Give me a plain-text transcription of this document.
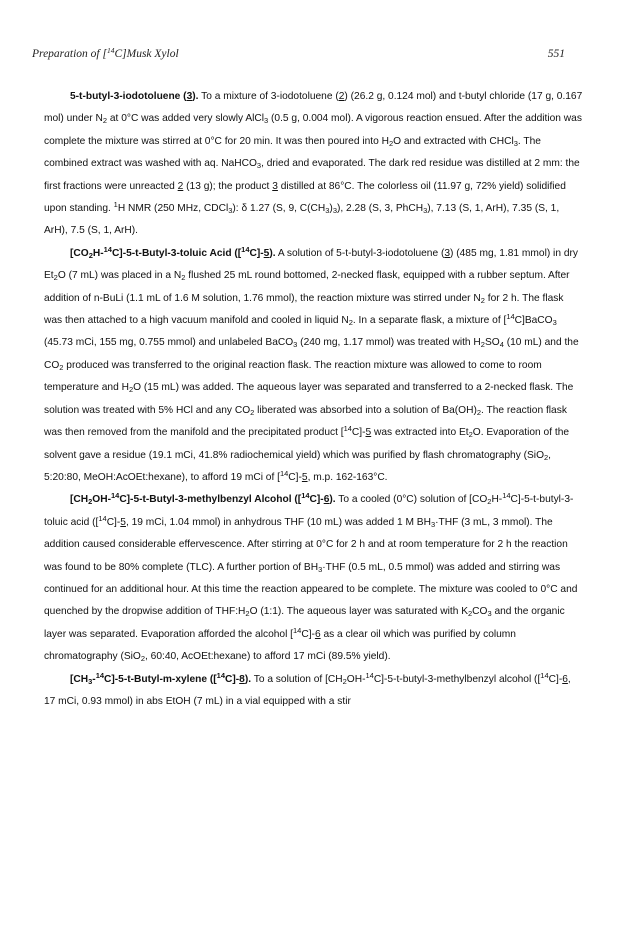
Preparation of [$^{14}$C]Musk Xylol	551

5-t-butyl-3-iodotoluene (3). To a mixture of 3-iodotoluene (2) (26.2 g, 0.124 mol) and t-butyl chloride (17 g, 0.167 mol) under $N_2$ at 0°C was added very slowly AlCl$_3$ (0.5 g, 0.004 mol). A vigorous reaction ensued. After the addition was complete the mixture was stirred at 0°C for 20 min. It was then poured into $H_2O$ and extracted with CHCl$_3$. The combined extract was washed with aq. NaHCO$_3$, dried and evaporated. The dark red residue was distilled at 2 mm: the first fractions were unreacted 2 (13 g); the product 3 distilled at 86°C. The colorless oil (11.97 g, 72% yield) solidified upon standing. $^1$H NMR (250 MHz, CDCl$_3$): δ 1.27 (S, 9, $C(CH_3)_3$), 2.28 (S, 3, PhCH$_3$), 7.13 (S, 1, ArH), 7.35 (S, 1, ArH), 7.5 (S, 1, ArH).

$[CO_2H-^{14}C]-5-t-Butyl-3$-toluic Acid ([$^{14}$C]-5). A solution of 5-t-butyl-3-iodotoluene (3) (485 mg, 1.81 mmol) in dry $Et_2O$ (7 mL) was placed in a $N_2$ flushed 25 mL round bottomed, 2-necked flask, equipped with a rubber septum. After addition of n-BuLi (1.1 mL of 1.6 M solution, 1.76 mmol), the reaction mixture was stirred under $N_2$ for 2 h. The flask was then attached to a high vacuum manifold and cooled in liquid $N_2$. In a separate flask, a mixture of [$^{14}$C]BaCO$_3$ (45.73 mCi, 155 mg, 0.755 mmol) and unlabeled BaCO$_3$ (240 mg, 1.17 mmol) was treated with $H_2SO_4$ (10 mL) and the $CO_2$ produced was transferred to the original reaction flask. The reaction mixture was allowed to come to room temperature and $H_2O$ (15 mL) was added. The aqueous layer was separated and transferred to a 2-necked flask. The solution was treated with 5% HCl and any $CO_2$ liberated was absorbed into a solution of $Ba(OH)_2$. The reaction flask was then removed from the manifold and the precipitated product [$^{14}$C]-5 was extracted into $Et_2O$. Evaporation of the solvent gave a residue (19.1 mCi, 41.8% radiochemical yield) which was purified by flash chromatography (SiO$_2$, 5:20:80, MeOH:AcOEt:hexane), to afford 19 mCi of [$^{14}$C]-5, m.p. 162-163°C.

$[CH_2OH-^{14}C]-5-t-Butyl-3$-methylbenzyl Alcohol ([$^{14}$C]-6). To a cooled (0°C) solution of $[CO_2H-^{14}C]-5-t-butyl-3$-toluic acid ([$^{14}$C]-5, 19 mCi, 1.04 mmol) in anhydrous THF (10 mL) was added 1 M $BH_3\cdot THF$ (3 mL, 3 mmol). The addition caused considerable effervescence. After stirring at 0°C for 2 h and at room temperature for 2 h the reaction was found to be 80% complete (TLC). A further portion of $BH_3\cdot THF$ (0.5 mL, 0.5 mmol) was added and stirring was continued for an additional hour. At this time the reaction appeared to be complete. The mixture was cooled to 0°C and quenched by the dropwise addition of $THF:H_2O$ (1:1). The aqueous layer was saturated with $K_2CO_3$ and the organic layer was separated. Evaporation afforded the alcohol [$^{14}$C]-6 as a clear oil which was purified by column chromatography (SiO$_2$, 60:40, AcOEt:hexane) to afford 17 mCi (89.5% yield).

$[CH_3-^{14}C]-5-t-Butyl-m$-xylene ([$^{14}$C]-8). To a solution of $[CH_2OH-^{14}C]-5-t-butyl-3$-methylbenzyl alcohol ([$^{14}$C]-6, 17 mCi, 0.93 mmol) in abs EtOH (7 mL) in a vial equipped with a stir
